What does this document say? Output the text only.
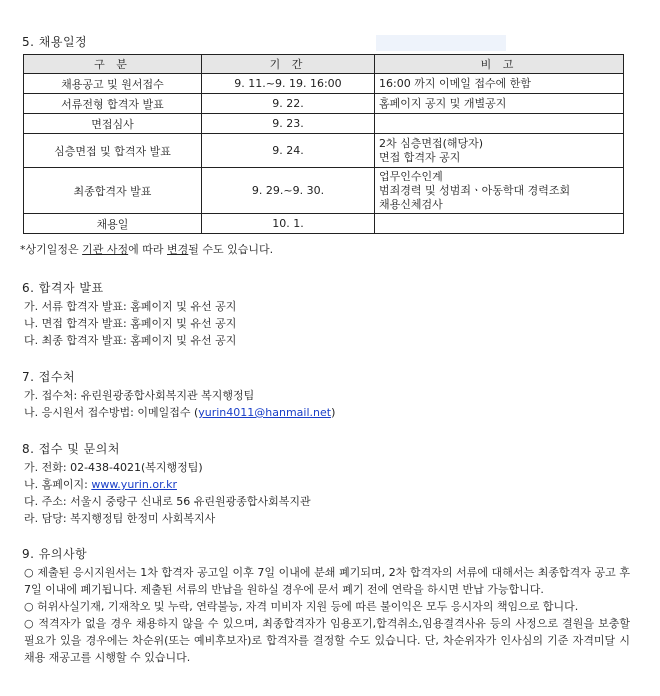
5. 채용일정
구 분	기 간	비 고
채용공고 및 원서접수	9. 11.~9. 19. 16:00	16:00 까지 이메일 접수에 한함
서류전형 합격자 발표	9. 22.	홈페이지 공지 및 개별공지
면접심사	9. 23.	
심층면접 및 합격자 발표	9. 24.	2차 심층면접(해당자)
면접 합격자 공지

최종합격자 발표	9. 29.~9. 30.	업무인수인계
범죄경력 및 성범죄ㆍ아동학대 경력조회
채용신체검사

채용일	10. 1.	
*상기일정은 기관 사정에 따라 변경될 수도 있습니다.
6. 합격자 발표
가. 서류 합격자 발표: 홈페이지 및 유선 공지
나. 면접 합격자 발표: 홈페이지 및 유선 공지
다. 최종 합격자 발표: 홈페이지 및 유선 공지
7. 접수처
가. 접수처: 유린원광종합사회복지관 복지행정팀
나. 응시원서 접수방법: 이메일접수 (yurin4011@hanmail.net)
8. 접수 및 문의처
가. 전화: 02-438-4021(복지행정팀)
나. 홈페이지: www.yurin.or.kr
다. 주소: 서울시 중랑구 신내로 56 유린원광종합사회복지관
라. 담당: 복지행정팀 한정미 사회복지사
9. 유의사항
○ 제출된 응시지원서는 1차 합격자 공고일 이후 7일 이내에 분쇄 폐기되며, 2차 합격자의 서류에 대해서는 최종합격자 공고 후 7일 이내에 폐기됩니다. 제출된 서류의 반납을 원하실 경우에 문서 폐기 전에 연락을 하시면 반납 가능합니다.
○ 허위사실기재, 기재착오 및 누락, 연락불능, 자격 미비자 지원 등에 따른 불이익은 모두 응시자의 책임으로 합니다.
○ 적격자가 없을 경우 채용하지 않을 수 있으며, 최종합격자가 임용포기,합격취소,임용결격사유 등의 사정으로 결원을 보충할 필요가 있을 경우에는 차순위(또는 예비후보자)로 합격자를 결정할 수도 있습니다. 단, 차순위자가 인사심의 기준 자격미달 시 채용 재공고를 시행할 수 있습니다.
